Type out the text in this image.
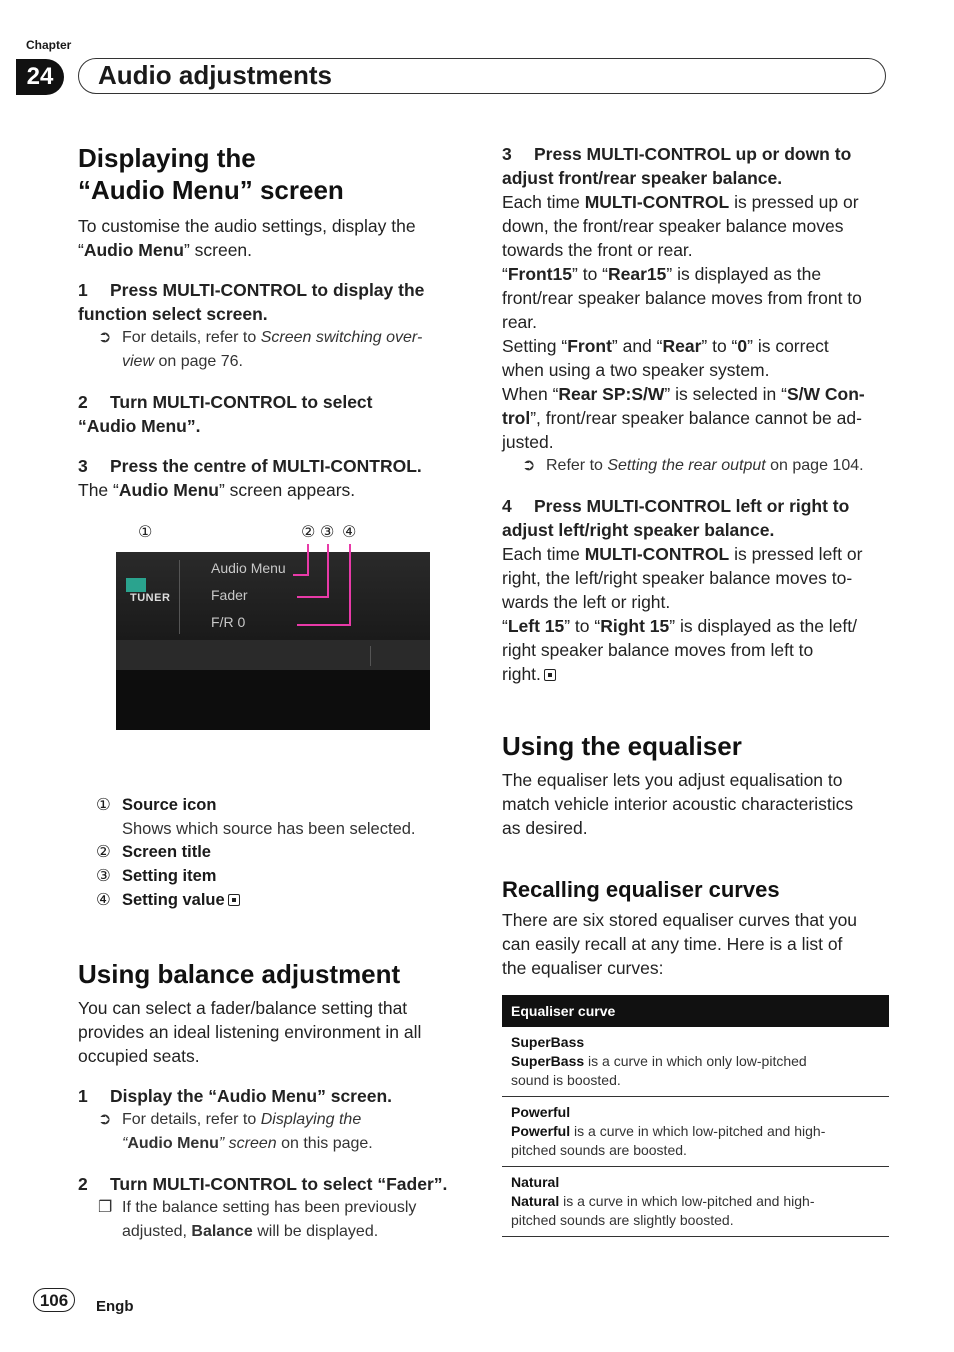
Chapter
24	Audio adjustments
Displaying the
“Audio Menu” screen

To customise the audio settings, display the
“Audio Menu” screen.

1 Press MULTI-CONTROL to display the
function select screen.

➲ For details, refer to Screen switching over-
view on page 76.

2 Turn MULTI-CONTROL to select
“Audio Menu”.

3 Press the centre of MULTI-CONTROL.

The “Audio Menu” screen appears.

①	② ③ ④
TUNER
Audio Menu
Fader
F/R 0
① Source icon
Shows which source has been selected.
② Screen title
③ Setting item
④ Setting value
Using balance adjustment

You can select a fader/balance setting that
provides an ideal listening environment in all
occupied seats.

1 Display the “Audio Menu” screen.

➲ For details, refer to Displaying the
“Audio Menu” screen on this page.

2 Turn MULTI-CONTROL to select “Fader”.

❐ If the balance setting has been previously
adjusted, Balance will be displayed.

3 Press MULTI-CONTROL up or down to
adjust front/rear speaker balance.

Each time MULTI-CONTROL is pressed up or
down, the front/rear speaker balance moves
towards the front or rear.

“Front15” to “Rear15” is displayed as the
front/rear speaker balance moves from front to
rear.

Setting “Front” and “Rear” to “0” is correct
when using a two speaker system.

When “Rear SP:S/W” is selected in “S/W Con-
trol”, front/rear speaker balance cannot be ad-
justed.

➲ Refer to Setting the rear output on page 104.

4 Press MULTI-CONTROL left or right to
adjust left/right speaker balance.

Each time MULTI-CONTROL is pressed left or
right, the left/right speaker balance moves to-
wards the left or right.

“Left 15” to “Right 15” is displayed as the left/
right speaker balance moves from left to
right.

Using the equaliser

The equaliser lets you adjust equalisation to
match vehicle interior acoustic characteristics
as desired.

Recalling equaliser curves

There are six stored equaliser curves that you
can easily recall at any time. Here is a list of
the equaliser curves:

Equaliser curve
SuperBass
SuperBass is a curve in which only low-pitched
sound is boosted.
Powerful
Powerful is a curve in which low-pitched and high-
pitched sounds are boosted.
Natural
Natural is a curve in which low-pitched and high-
pitched sounds are slightly boosted.
106	Engb
